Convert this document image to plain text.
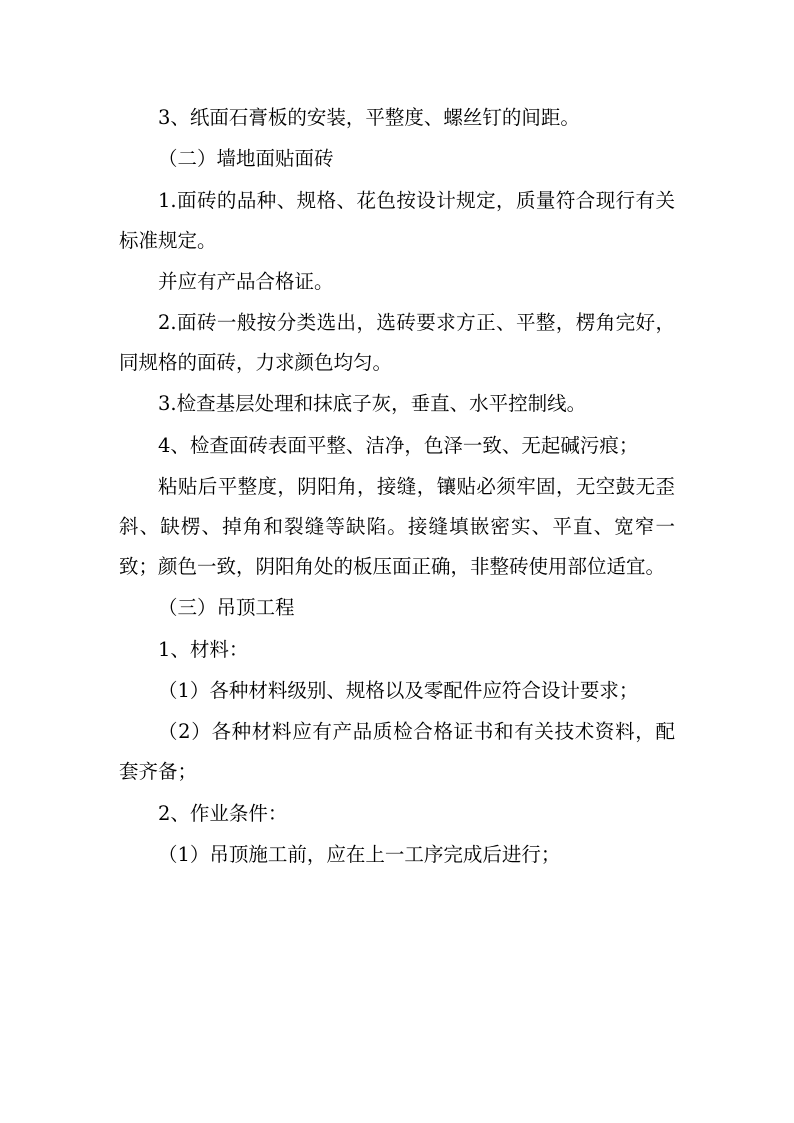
3、纸面石膏板的安装，平整度、螺丝钉的间距。

（二）墙地面贴面砖

1.面砖的品种、规格、花色按设计规定，质量符合现行有关标准规定。

并应有产品合格证。

2.面砖一般按分类选出，选砖要求方正、平整，楞角完好，同规格的面砖，力求颜色均匀。

3.检查基层处理和抹底子灰，垂直、水平控制线。

4、检查面砖表面平整、洁净，色泽一致、无起碱污痕；

粘贴后平整度，阴阳角，接缝，镶贴必须牢固，无空鼓无歪斜、缺楞、掉角和裂缝等缺陷。接缝填嵌密实、平直、宽窄一致；颜色一致，阴阳角处的板压面正确，非整砖使用部位适宜。

（三）吊顶工程

1、材料：

（1）各种材料级别、规格以及零配件应符合设计要求；

（2）各种材料应有产品质检合格证书和有关技术资料，配套齐备；

2、作业条件：

（1）吊顶施工前，应在上一工序完成后进行；
